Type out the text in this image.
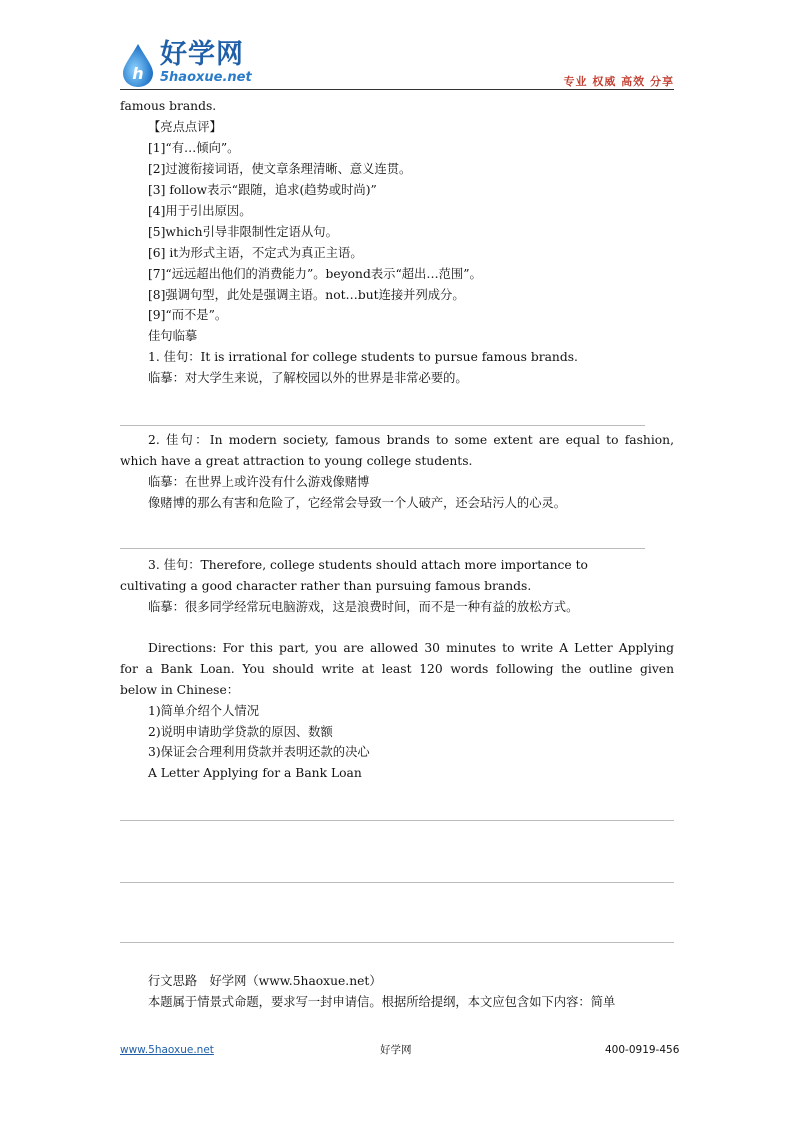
h
好学网
5haoxue.net	专业 权威 高效 分享
famous brands.
【亮点点评】
[1]“有…倾向”。
[2]过渡衔接词语，使文章条理清晰、意义连贯。
[3] follow表示“跟随，追求(趋势或时尚)”
[4]用于引出原因。
[5]which引导非限制性定语从句。
[6] it为形式主语，不定式为真正主语。
[7]“远远超出他们的消费能力”。beyond表示“超出…范围”。
[8]强调句型，此处是强调主语。not…but连接并列成分。
[9]“而不是”。
佳句临摹
1. 佳句：It is irrational for college students to pursue famous brands.
临摹：对大学生来说，了解校园以外的世界是非常必要的。
2. 佳句：In modern society, famous brands to some extent are equal to fashion,
which have a great attraction to young college students.
临摹：在世界上或许没有什么游戏像赌博
像赌博的那么有害和危险了，它经常会导致一个人破产，还会玷污人的心灵。
3. 佳句：Therefore, college students should attach more importance to
cultivating a good character rather than pursuing famous brands.
临摹：很多同学经常玩电脑游戏，这是浪费时间，而不是一种有益的放松方式。
Directions: For this part, you are allowed 30 minutes to write A Letter Applying
for a Bank Loan. You should write at least 120 words following the outline given
below in Chinese：
1)简单介绍个人情况
2)说明申请助学贷款的原因、数额
3)保证会合理利用贷款并表明还款的决心
A Letter Applying for a Bank Loan
行文思路　好学网（www.5haoxue.net）
本题属于情景式命题，要求写一封申请信。根据所给提纲，本文应包含如下内容：简单
www.5haoxue.net	好学网	400-0919-456
